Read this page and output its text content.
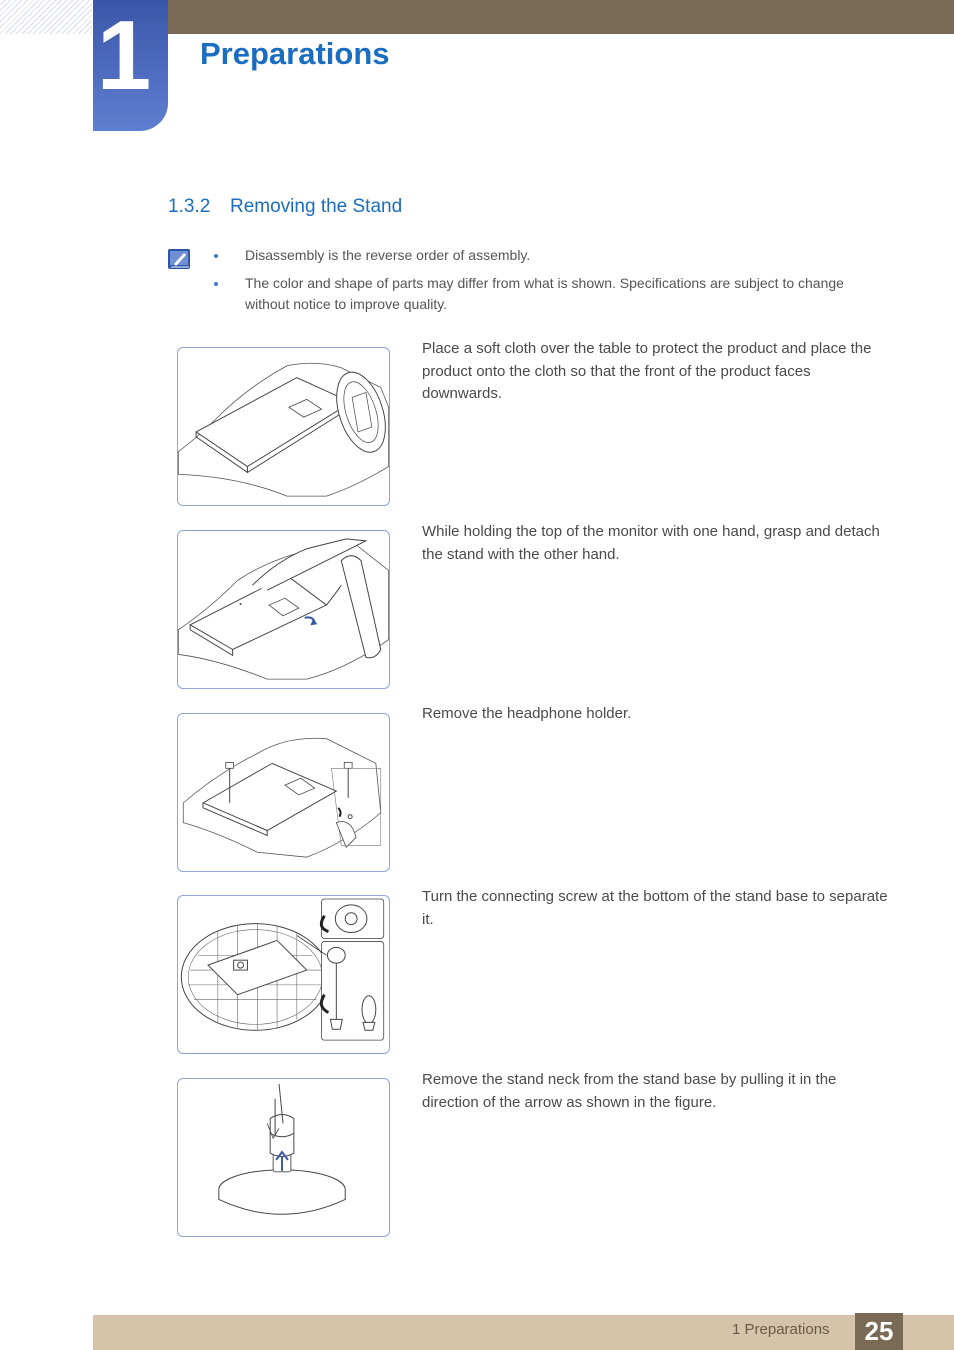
1 Preparations
1.3.2 Removing the Stand
Disassembly is the reverse order of assembly.
The color and shape of parts may differ from what is shown. Specifications are subject to change without notice to improve quality.
Place a soft cloth over the table to protect the product and place the product onto the cloth so that the front of the product faces downwards.
While holding the top of the monitor with one hand, grasp and detach the stand with the other hand.
Remove the headphone holder.
Turn the connecting screw at the bottom of the stand base to separate it.
Remove the stand neck from the stand base by pulling it in the direction of the arrow as shown in the figure.
1 Preparations	25
